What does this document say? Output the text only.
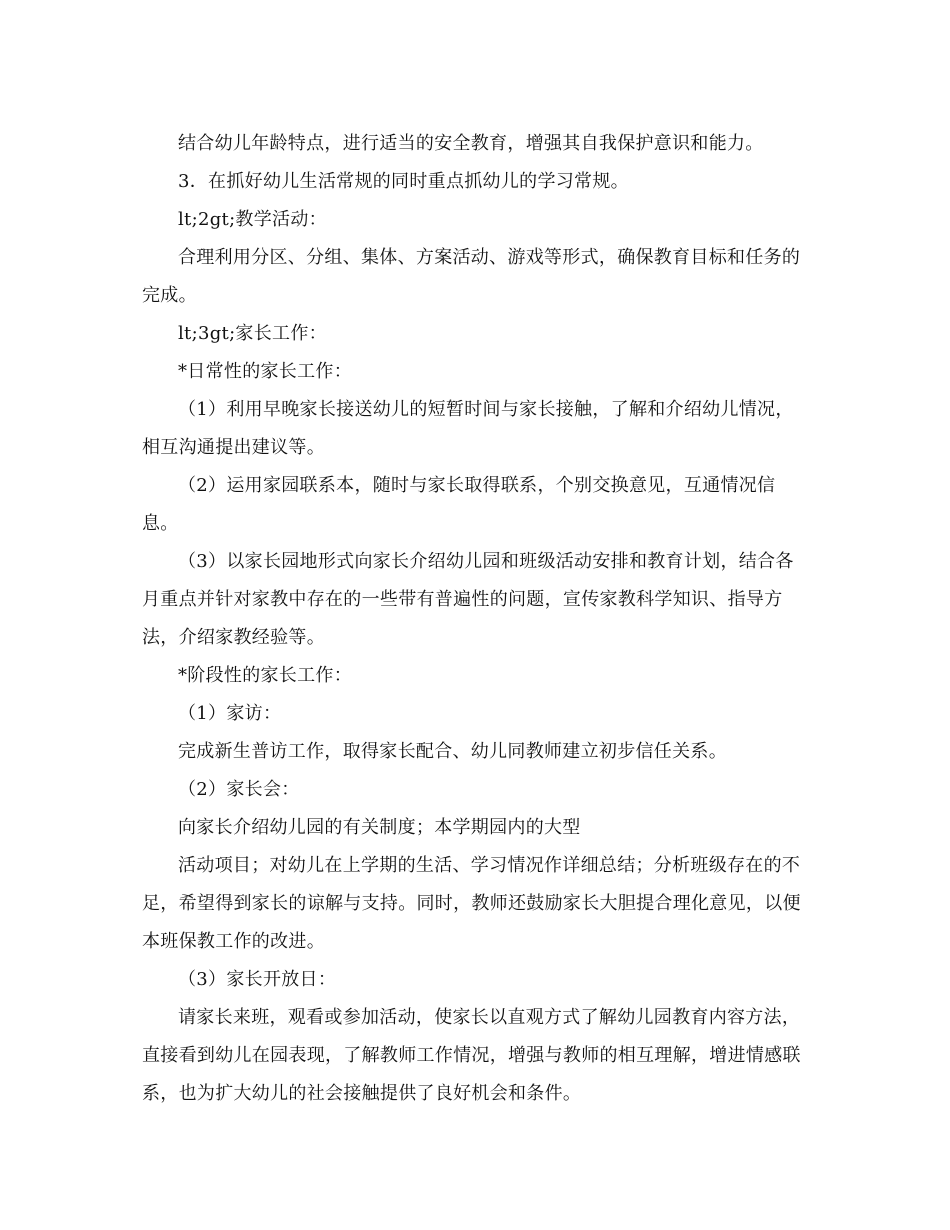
结合幼儿年龄特点，进行适当的安全教育，增强其自我保护意识和能力。

3．在抓好幼儿生活常规的同时重点抓幼儿的学习常规。

lt;2gt;教学活动：

合理利用分区、分组、集体、方案活动、游戏等形式，确保教育目标和任务的完成。

lt;3gt;家长工作：

*日常性的家长工作：

（1）利用早晚家长接送幼儿的短暂时间与家长接触，了解和介绍幼儿情况，相互沟通提出建议等。

（2）运用家园联系本，随时与家长取得联系，个别交换意见，互通情况信息。

（3）以家长园地形式向家长介绍幼儿园和班级活动安排和教育计划，结合各月重点并针对家教中存在的一些带有普遍性的问题，宣传家教科学知识、指导方法，介绍家教经验等。

*阶段性的家长工作：

（1）家访：

完成新生普访工作，取得家长配合、幼儿同教师建立初步信任关系。

（2）家长会：

向家长介绍幼儿园的有关制度；本学期园内的大型

活动项目；对幼儿在上学期的生活、学习情况作详细总结；分析班级存在的不足，希望得到家长的谅解与支持。同时，教师还鼓励家长大胆提合理化意见，以便本班保教工作的改进。

（3）家长开放日：

请家长来班，观看或参加活动，使家长以直观方式了解幼儿园教育内容方法，直接看到幼儿在园表现，了解教师工作情况，增强与教师的相互理解，增进情感联系，也为扩大幼儿的社会接触提供了良好机会和条件。
